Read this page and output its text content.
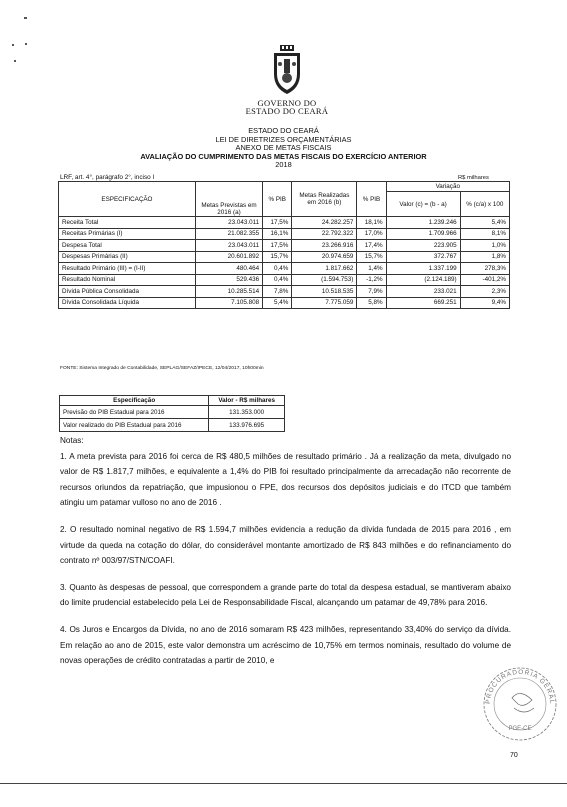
GOVERNO DO
ESTADO DO CEARÁ
ESTADO DO CEARÁ
LEI DE DIRETRIZES ORÇAMENTÁRIAS
ANEXO DE METAS FISCAIS
AVALIAÇÃO DO CUMPRIMENTO DAS METAS FISCAIS DO EXERCÍCIO ANTERIOR
2018
LRF, art. 4°, parágrafo 2°, inciso I	R$ milhares
ESPECIFICAÇÃO	Metas Previstas em 2016 (a)	% PIB	Metas Realizadas em 2016 (b)	% PIB	Variação	
					Valor (c) = (b - a)	% (c/a) x 100
Receita Total	23.043.011	17,5%	24.282.257	18,1%	1.239.246	5,4%
Receitas Primárias (I)	21.082.355	16,1%	22.792.322	17,0%	1.709.966	8,1%
Despesa Total	23.043.011	17,5%	23.266.916	17,4%	223.905	1,0%
Despesas Primárias (II)	20.601.892	15,7%	20.974.659	15,7%	372.767	1,8%
Resultado Primário (III) = (I-II)	480.464	0,4%	1.817.662	1,4%	1.337.199	278,3%
Resultado Nominal	529.436	0,4%	(1.594.753)	-1,2%	(2.124.189)	-401,2%
Dívida Pública Consolidada	10.285.514	7,8%	10.518.535	7,9%	233.021	2,3%
Dívida Consolidada Líquida	7.105.808	5,4%	7.775.059	5,8%	669.251	9,4%
FONTE: Sistema Integrado de Contabilidade, SEPLAG/SEFAZ/IPECE, 12/04/2017, 10h00min
Especificação	Valor - R$ milhares
Previsão do PIB Estadual para 2016	131.353.000
Valor realizado do PIB Estadual para 2016	133.976.695

Notas:

1. A meta prevista para 2016 foi cerca de R$ 480,5 milhões de resultado primário . Já a realização da meta, divulgado no valor de R$ 1.817,7 milhões, e equivalente a 1,4% do PIB foi resultado principalmente da arrecadação não recorrente de recursos oriundos da repatriação, que impusionou o FPE, dos recursos dos depósitos judiciais e do ITCD que também atingiu um patamar vulloso no ano de 2016 .

2. O resultado nominal negativo de R$ 1.594,7 milhões evidencia a redução da dívida fundada de 2015 para 2016 , em virtude da queda na cotação do dólar, do considerável montante amortizado de R$ 843 milhões e do refinanciamento do contrato nº 003/97/STN/COAFI.

3. Quanto às despesas de pessoal, que correspondem a grande parte do total da despesa estadual, se mantiveram abaixo do limite prudencial estabelecido pela Lei de Responsabilidade Fiscal, alcançando um patamar de 49,78% para 2016.

4. Os Juros e Encargos da Dívida, no ano de 2016 somaram R$ 423 milhões, representando 33,40% do serviço da dívida. Em relação ao ano de 2015, este valor demonstra um acréscimo de 10,75% em termos nominais, resultado do volume de novas operações de crédito contratadas a partir de 2010, e

PROCURADORIA GERAL
PGE-CE
70
